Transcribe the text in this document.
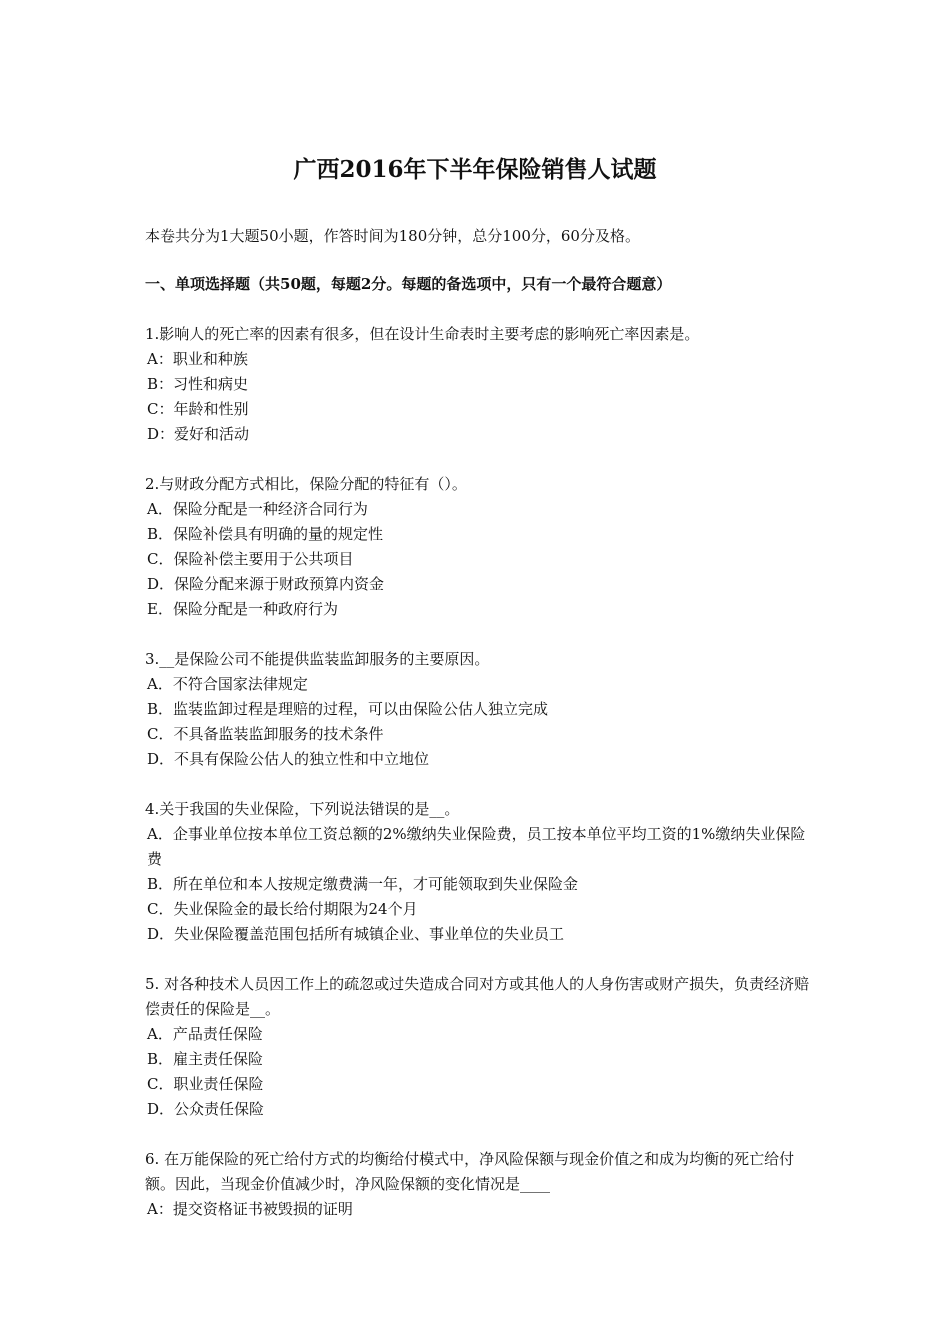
广西2016年下半年保险销售人试题
本卷共分为1大题50小题，作答时间为180分钟，总分100分，60分及格。
一、单项选择题（共50题，每题2分。每题的备选项中，只有一个最符合题意）

1.影响人的死亡率的因素有很多，但在设计生命表时主要考虑的影响死亡率因素是。

A：职业和种族
B：习性和病史
C：年龄和性别
D：爱好和活动

2.与财政分配方式相比，保险分配的特征有（）。

A．保险分配是一种经济合同行为
B．保险补偿具有明确的量的规定性
C．保险补偿主要用于公共项目
D．保险分配来源于财政预算内资金
E．保险分配是一种政府行为

3.__是保险公司不能提供监装监卸服务的主要原因。

A．不符合国家法律规定
B．监装监卸过程是理赔的过程，可以由保险公估人独立完成
C．不具备监装监卸服务的技术条件
D．不具有保险公估人的独立性和中立地位

4.关于我国的失业保险，下列说法错误的是__。

A．企事业单位按本单位工资总额的2%缴纳失业保险费，员工按本单位平均工资的1%缴纳失业保险费
B．所在单位和本人按规定缴费满一年，才可能领取到失业保险金
C．失业保险金的最长给付期限为24个月
D．失业保险覆盖范围包括所有城镇企业、事业单位的失业员工

5. 对各种技术人员因工作上的疏忽或过失造成合同对方或其他人的人身伤害或财产损失，负责经济赔偿责任的保险是__。

A．产品责任保险
B．雇主责任保险
C．职业责任保险
D．公众责任保险

6. 在万能保险的死亡给付方式的均衡给付模式中，净风险保额与现金价值之和成为均衡的死亡给付额。因此，当现金价值减少时，净风险保额的变化情况是____

A：提交资格证书被毁损的证明
